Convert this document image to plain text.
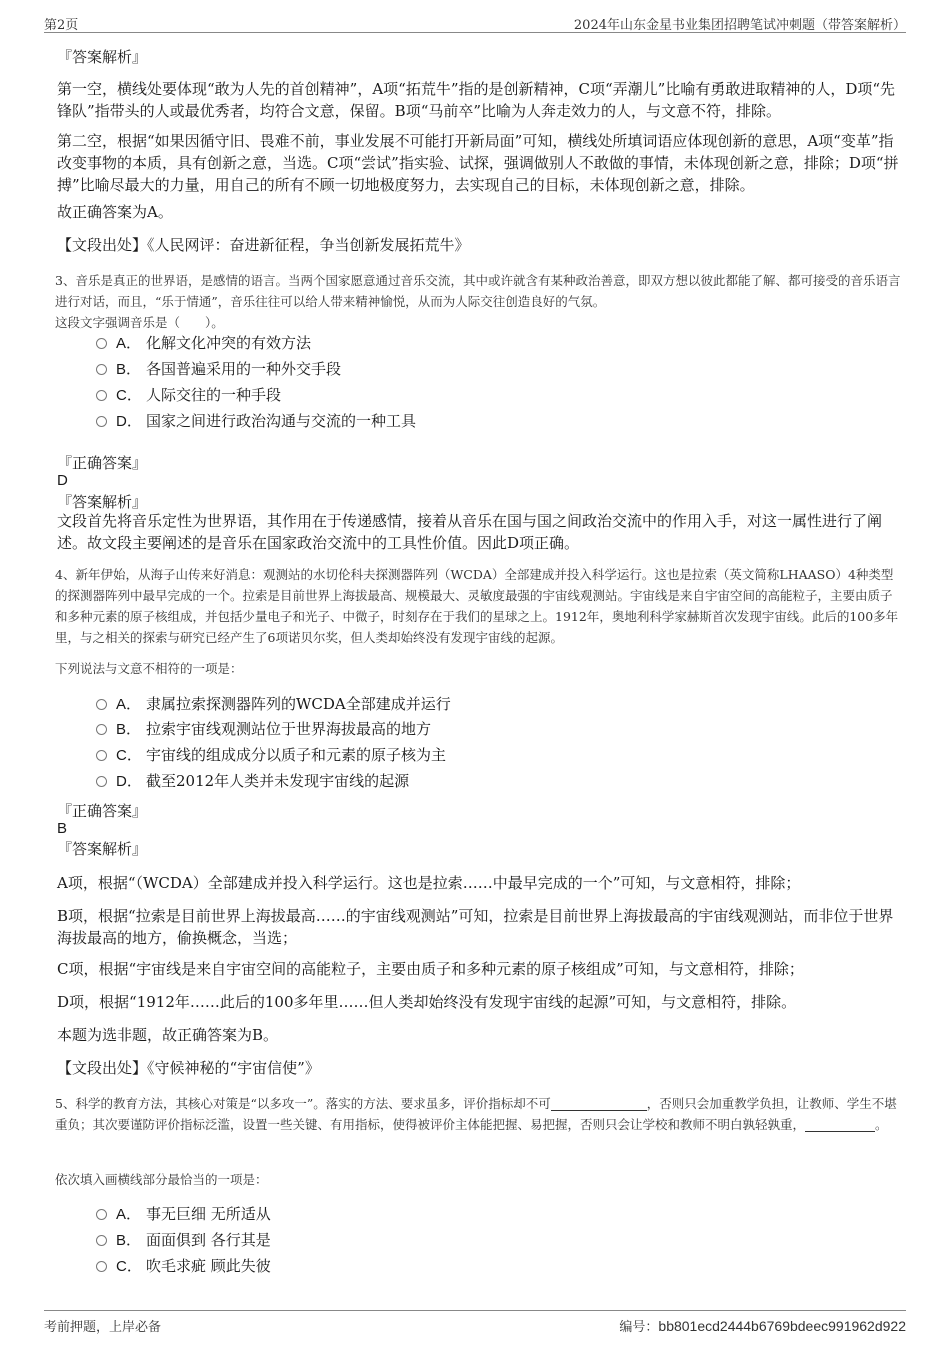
第2页	2024年山东金星书业集团招聘笔试冲刺题（带答案解析）

『答案解析』

第一空，横线处要体现“敢为人先的首创精神”，A项“拓荒牛”指的是创新精神，C项“弄潮儿”比喻有勇敢进取精神的人，D项“先锋队”指带头的人或最优秀者，均符合文意，保留。B项“马前卒”比喻为人奔走效力的人，与文意不符，排除。

第二空，根据“如果因循守旧、畏难不前，事业发展不可能打开新局面”可知，横线处所填词语应体现创新的意思，A项“变革”指改变事物的本质，具有创新之意，当选。C项“尝试”指实验、试探，强调做别人不敢做的事情，未体现创新之意，排除；D项“拼搏”比喻尽最大的力量，用自己的所有不顾一切地极度努力，去实现自己的目标，未体现创新之意，排除。

故正确答案为A。

【文段出处】《人民网评：奋进新征程，争当创新发展拓荒牛》

3、音乐是真正的世界语，是感情的语言。当两个国家愿意通过音乐交流，其中或许就含有某种政治善意，即双方想以彼此都能了解、都可接受的音乐语言进行对话，而且，“乐于情通”，音乐往往可以给人带来精神愉悦，从而为人际交往创造良好的气氛。

这段文字强调音乐是（　　）。

A． 化解文化冲突的有效方法
B． 各国普遍采用的一种外交手段
C． 人际交往的一种手段
D． 国家之间进行政治沟通与交流的一种工具

『正确答案』

D

『答案解析』

文段首先将音乐定性为世界语，其作用在于传递感情，接着从音乐在国与国之间政治交流中的作用入手，对这一属性进行了阐述。故文段主要阐述的是音乐在国家政治交流中的工具性价值。因此D项正确。

4、新年伊始，从海子山传来好消息：观测站的水切伦科夫探测器阵列（WCDA）全部建成并投入科学运行。这也是拉索（英文简称LHAASO）4种类型的探测器阵列中最早完成的一个。拉索是目前世界上海拔最高、规模最大、灵敏度最强的宇宙线观测站。宇宙线是来自宇宙空间的高能粒子，主要由质子和多种元素的原子核组成，并包括少量电子和光子、中微子，时刻存在于我们的星球之上。1912年，奥地利科学家赫斯首次发现宇宙线。此后的100多年里，与之相关的探索与研究已经产生了6项诺贝尔奖，但人类却始终没有发现宇宙线的起源。

下列说法与文意不相符的一项是：

A． 隶属拉索探测器阵列的WCDA全部建成并运行
B． 拉索宇宙线观测站位于世界海拔最高的地方
C． 宇宙线的组成成分以质子和元素的原子核为主
D． 截至2012年人类并未发现宇宙线的起源

『正确答案』

B

『答案解析』

A项，根据“（WCDA）全部建成并投入科学运行。这也是拉索……中最早完成的一个”可知，与文意相符，排除；

B项，根据“拉索是目前世界上海拔最高……的宇宙线观测站”可知，拉索是目前世界上海拔最高的宇宙线观测站，而非位于世界海拔最高的地方，偷换概念，当选；

C项，根据“宇宙线是来自宇宙空间的高能粒子，主要由质子和多种元素的原子核组成”可知，与文意相符，排除；

D项，根据“1912年……此后的100多年里……但人类却始终没有发现宇宙线的起源”可知，与文意相符，排除。

本题为选非题，故正确答案为B。

【文段出处】《守候神秘的“宇宙信使”》

5、科学的教育方法，其核心对策是“以多攻一”。落实的方法、要求虽多，评价指标却不可	，否则只会加重教学负担，让教师、学生不堪重负；其次要谨防评价指标泛滥，设置一些关键、有用指标，使得被评价主体能把握、易把握，否则只会让学校和教师不明白孰轻孰重，	。

依次填入画横线部分最恰当的一项是：

A． 事无巨细 无所适从
B． 面面俱到 各行其是
C． 吹毛求疵 顾此失彼
考前押题，上岸必备	编号：bb801ecd2444b6769bdeec991962d922
